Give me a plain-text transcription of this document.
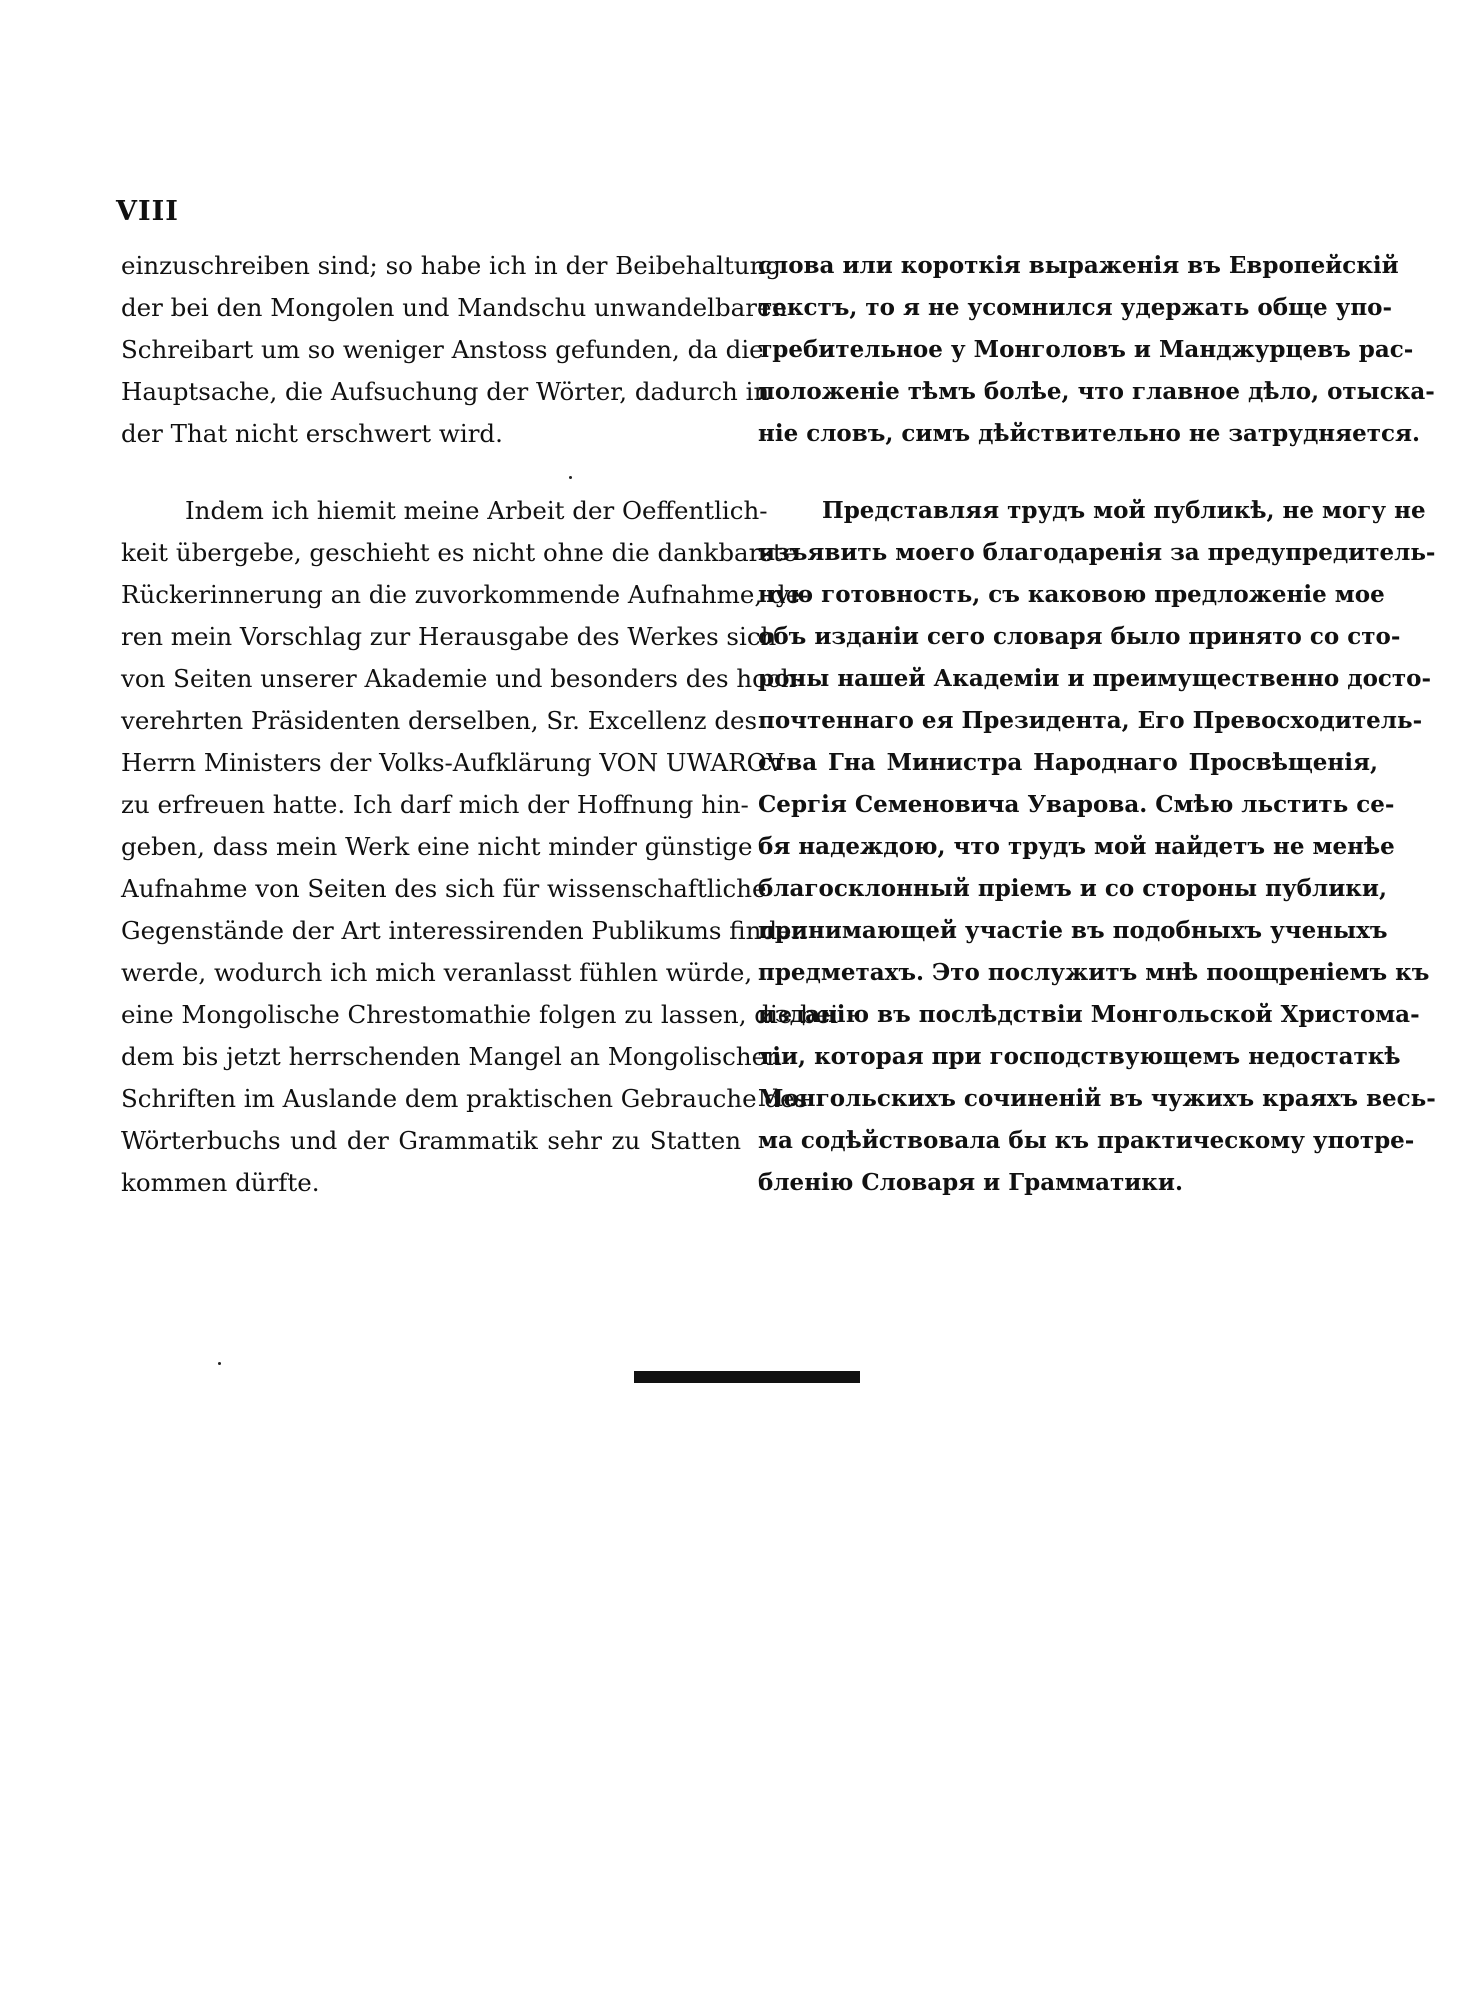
VIII
einzuschreiben sind; so habe ich in der Beibehaltung
der bei den Mongolen und Mandschu unwandelbaren
Schreibart um so weniger Anstoss gefunden, da die
Hauptsache, die Aufsuchung der Wörter, dadurch in
der That nicht erschwert wird.
Indem ich hiemit meine Arbeit der Oeffentlich-
keit übergebe, geschieht es nicht ohne die dankbarste
Rückerinnerung an die zuvorkommende Aufnahme, de-
ren mein Vorschlag zur Herausgabe des Werkes sich
von Seiten unserer Akademie und besonders des hoch-
verehrten Präsidenten derselben, Sr. Excellenz des
Herrn Ministers der Volks-Aufklärung VON UWAROV
zu erfreuen hatte. Ich darf mich der Hoffnung hin-
geben, dass mein Werk eine nicht minder günstige
Aufnahme von Seiten des sich für wissenschaftliche
Gegenstände der Art interessirenden Publikums finden
werde, wodurch ich mich veranlasst fühlen würde,
eine Mongolische Chrestomathie folgen zu lassen, die bei
dem bis jetzt herrschenden Mangel an Mongolischen
Schriften im Auslande dem praktischen Gebrauche des
Wörterbuchs und der Grammatik sehr zu Statten
kommen dürfte.
слова или короткія выраженія въ Европейскій
текстъ, то я не усомнился удержать обще упо-
требительное у Монголовъ и Манджурцевъ рас-
положеніе тѣмъ болѣе, что главное дѣло, отыска-
ніе словъ, симъ дѣйствительно не затрудняется.
Представляя трудъ мой публикѣ, не могу не
изъявить моего благодаренія за предупредитель-
ную готовность, съ каковою предложеніе мое
объ изданіи сего словаря было принято со сто-
роны нашей Академіи и преимущественно досто-
почтеннаго ея Президента, Его Превосходитель-
ства Гна Министра Народнаго Просвѣщенія,
Сергія Семеновича Уварова. Смѣю льстить се-
бя надеждою, что трудъ мой найдетъ не менѣе
благосклонный пріемъ и со стороны публики,
принимающей участіе въ подобныхъ ученыхъ
предметахъ. Это послужитъ мнѣ поощреніемъ къ
изданію въ послѣдствіи Монгольской Христома-
тіи, которая при господствующемъ недостаткѣ
Монгольскихъ сочиненій въ чужихъ краяхъ весь-
ма содѣйствовала бы къ практическому употре-
бленію Словаря и Грамматики.
